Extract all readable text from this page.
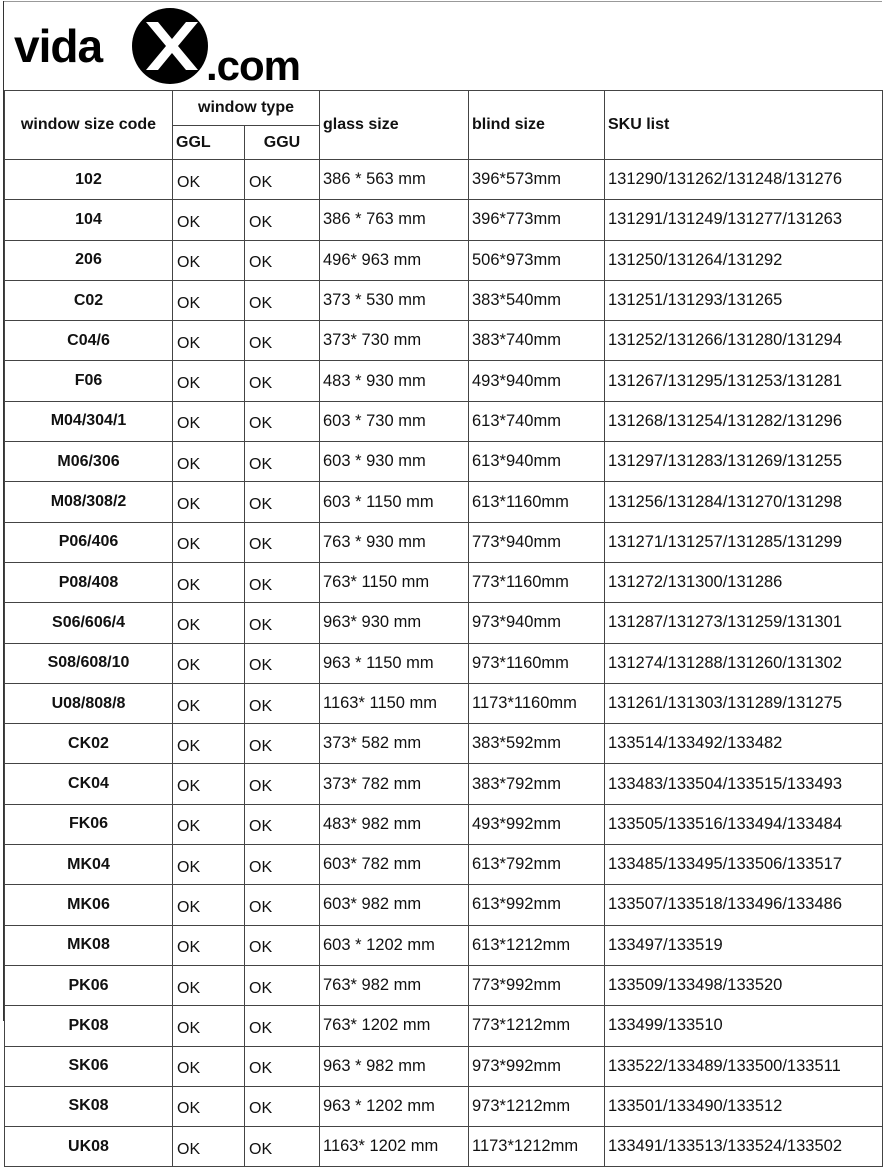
vida .com
window size code	window type		glass size	blind size	SKU list
	GGL	GGU			
102	OK	OK	386 * 563 mm	396*573mm	131290/131262/131248/131276
104	OK	OK	386 * 763 mm	396*773mm	131291/131249/131277/131263
206	OK	OK	496* 963 mm	506*973mm	131250/131264/131292
C02	OK	OK	373 * 530 mm	383*540mm	131251/131293/131265
C04/6	OK	OK	373* 730 mm	383*740mm	131252/131266/131280/131294
F06	OK	OK	483 * 930 mm	493*940mm	131267/131295/131253/131281
M04/304/1	OK	OK	603 * 730 mm	613*740mm	131268/131254/131282/131296
M06/306	OK	OK	603 * 930 mm	613*940mm	131297/131283/131269/131255
M08/308/2	OK	OK	603 * 1150 mm	613*1160mm	131256/131284/131270/131298
P06/406	OK	OK	763 * 930 mm	773*940mm	131271/131257/131285/131299
P08/408	OK	OK	763* 1150 mm	773*1160mm	131272/131300/131286
S06/606/4	OK	OK	963* 930 mm	973*940mm	131287/131273/131259/131301
S08/608/10	OK	OK	963 * 1150 mm	973*1160mm	131274/131288/131260/131302
U08/808/8	OK	OK	1163* 1150 mm	1173*1160mm	131261/131303/131289/131275
CK02	OK	OK	373* 582 mm	383*592mm	133514/133492/133482
CK04	OK	OK	373* 782 mm	383*792mm	133483/133504/133515/133493
FK06	OK	OK	483* 982 mm	493*992mm	133505/133516/133494/133484
MK04	OK	OK	603* 782 mm	613*792mm	133485/133495/133506/133517
MK06	OK	OK	603* 982 mm	613*992mm	133507/133518/133496/133486
MK08	OK	OK	603 * 1202 mm	613*1212mm	133497/133519
PK06	OK	OK	763* 982 mm	773*992mm	133509/133498/133520
PK08	OK	OK	763* 1202 mm	773*1212mm	133499/133510
SK06	OK	OK	963 * 982 mm	973*992mm	133522/133489/133500/133511
SK08	OK	OK	963 * 1202 mm	973*1212mm	133501/133490/133512
UK08	OK	OK	1163* 1202 mm	1173*1212mm	133491/133513/133524/133502
